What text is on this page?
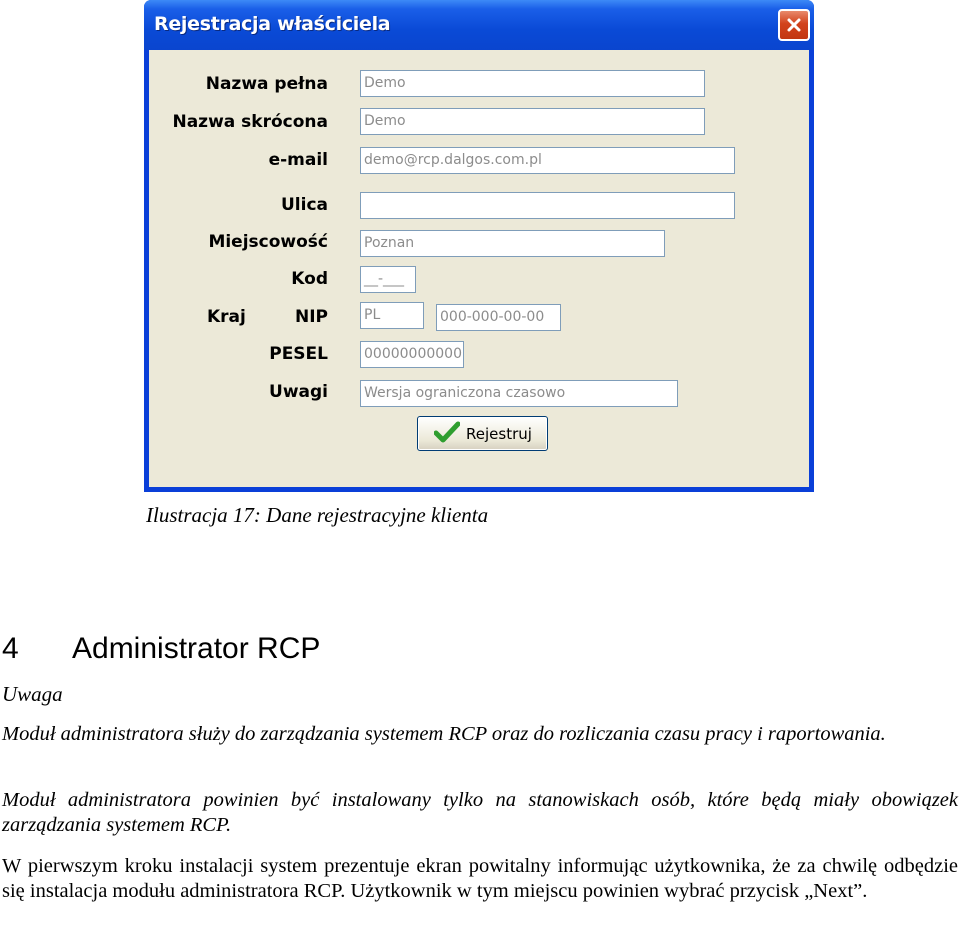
Rejestracja właściciela
Nazwa pełna
Nazwa skrócona
e-mail
Ulica
Miejscowość
Kod
Kraj	NIP
PESEL
Uwagi
Demo
Demo
demo@rcp.dalgos.com.pl
Poznan
__-___
PL	000-000-00-00
00000000000
Wersja ograniczona czasowo
Rejestruj
Ilustracja 17: Dane rejestracyjne klienta
4 Administrator RCP
Uwaga
Moduł administratora służy do zarządzania systemem RCP oraz do rozliczania czasu pracy i raportowania.
Moduł administratora powinien być instalowany tylko na stanowiskach osób, które będą miały obowiązek zarządzania systemem RCP.
W pierwszym kroku instalacji system prezentuje ekran powitalny informując użytkownika, że za chwilę odbędzie się instalacja modułu administratora RCP. Użytkownik w tym miejscu powinien wybrać przycisk „Next”.
